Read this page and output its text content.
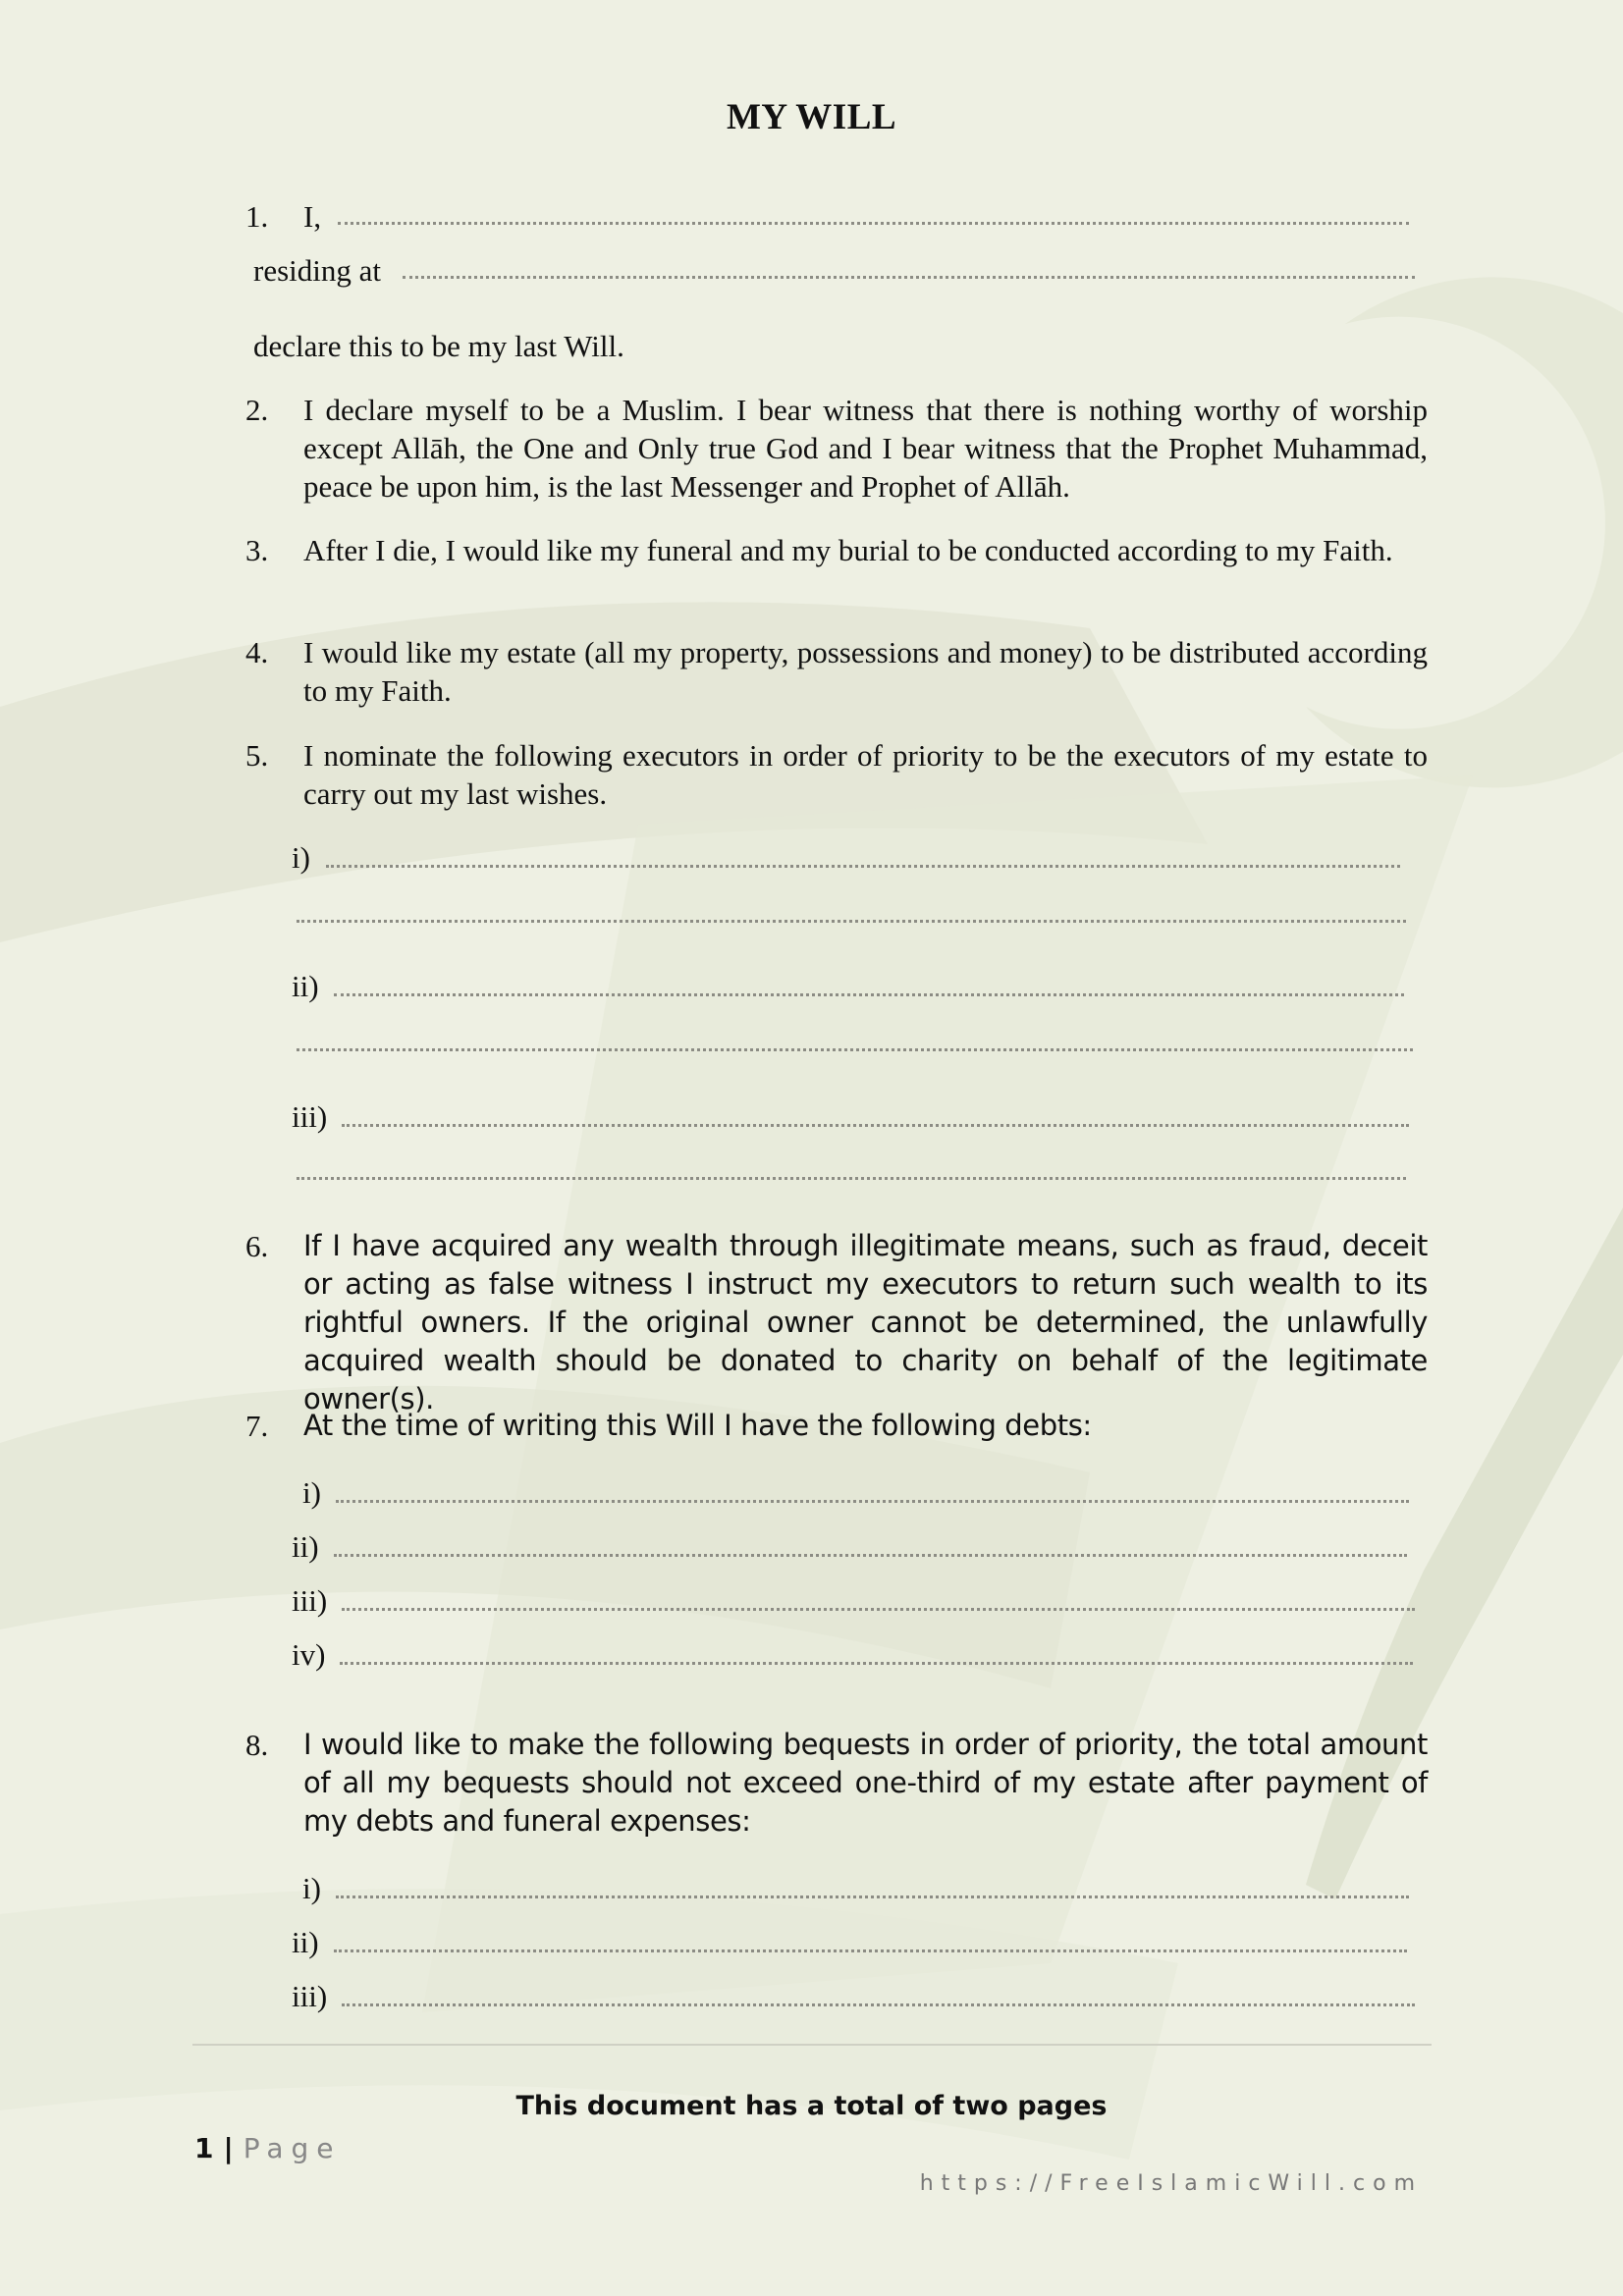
MY WILL
1. I,
residing at
declare this to be my last Will.
2. I declare myself to be a Muslim. I bear witness that there is nothing worthy of worship except Allāh, the One and Only true God and I bear witness that the Prophet Muhammad, peace be upon him, is the last Messenger and Prophet of Allāh.
3. After I die, I would like my funeral and my burial to be conducted according to my Faith.
4. I would like my estate (all my property, possessions and money) to be distributed according to my Faith.
5. I nominate the following executors in order of priority to be the executors of my estate to carry out my last wishes.
i)
ii)
iii)
6. If I have acquired any wealth through illegitimate means, such as fraud, deceit or acting as false witness I instruct my executors to return such wealth to its rightful owners. If the original owner cannot be determined, the unlawfully acquired wealth should be donated to charity on behalf of the legitimate owner(s).
7. At the time of writing this Will I have the following debts:
i)
ii)
iii)
iv)
8. I would like to make the following bequests in order of priority, the total amount of all my bequests should not exceed one-third of my estate after payment of my debts and funeral expenses:
i)
ii)
iii)
This document has a total of two pages
1 | Page
https://FreeIslamicWill.com
